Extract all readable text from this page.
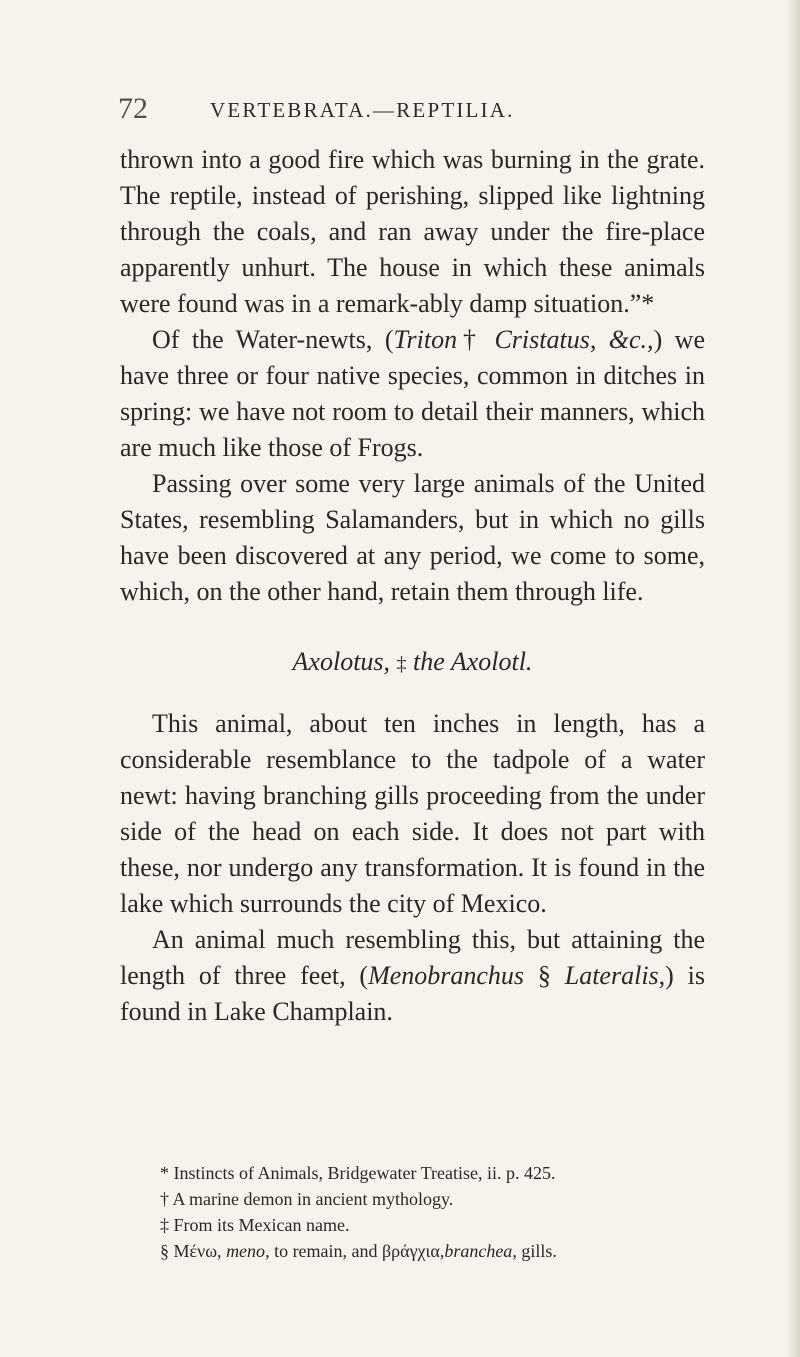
72	VERTEBRATA.—REPTILIA.

thrown into a good fire which was burning in the grate. The reptile, instead of perishing, slipped like lightning through the coals, and ran away under the fire-place apparently unhurt. The house in which these animals were found was in a remark-ably damp situation.”*

Of the Water-newts, (Triton† Cristatus, &c.,) we have three or four native species, common in ditches in spring: we have not room to detail their manners, which are much like those of Frogs.

Passing over some very large animals of the United States, resembling Salamanders, but in which no gills have been discovered at any period, we come to some, which, on the other hand, retain them through life.

Axolotus, ‡ the Axolotl.

This animal, about ten inches in length, has a considerable resemblance to the tadpole of a water newt: having branching gills proceeding from the under side of the head on each side. It does not part with these, nor undergo any transformation. It is found in the lake which surrounds the city of Mexico.

An animal much resembling this, but attaining the length of three feet, (Menobranchus § Lateralis,) is found in Lake Champlain.

* Instincts of Animals, Bridgewater Treatise, ii. p. 425.
† A marine demon in ancient mythology.
‡ From its Mexican name.
§ Μένω, meno, to remain, and βράγχια,branchea, gills.
